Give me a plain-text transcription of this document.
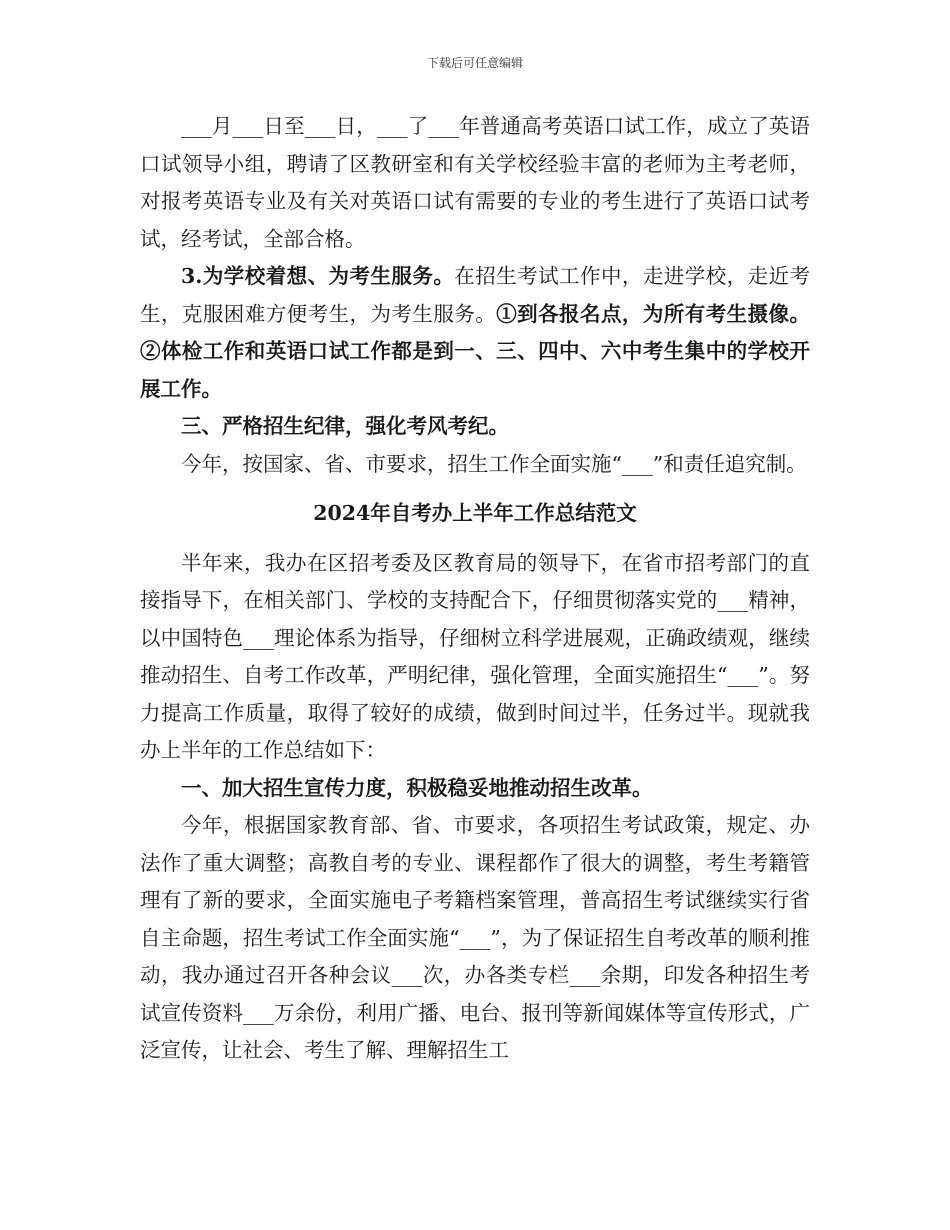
下载后可任意编辑

___月___日至___日，___了___年普通高考英语口试工作，成立了英语口试领导小组，聘请了区教研室和有关学校经验丰富的老师为主考老师，对报考英语专业及有关对英语口试有需要的专业的考生进行了英语口试考试，经考试，全部合格。

3.为学校着想、为考生服务。在招生考试工作中，走进学校，走近考生，克服困难方便考生，为考生服务。①到各报名点，为所有考生摄像。②体检工作和英语口试工作都是到一、三、四中、六中考生集中的学校开展工作。

三、严格招生纪律，强化考风考纪。

今年，按国家、省、市要求，招生工作全面实施“___”和责任追究制。

2024年自考办上半年工作总结范文

半年来，我办在区招考委及区教育局的领导下，在省市招考部门的直接指导下，在相关部门、学校的支持配合下，仔细贯彻落实党的___精神，以中国特色___理论体系为指导，仔细树立科学进展观，正确政绩观，继续推动招生、自考工作改革，严明纪律，强化管理，全面实施招生“___”。努力提高工作质量，取得了较好的成绩，做到时间过半，任务过半。现就我办上半年的工作总结如下：

一、加大招生宣传力度，积极稳妥地推动招生改革。

今年，根据国家教育部、省、市要求，各项招生考试政策，规定、办法作了重大调整；高教自考的专业、课程都作了很大的调整，考生考籍管理有了新的要求，全面实施电子考籍档案管理，普高招生考试继续实行省自主命题，招生考试工作全面实施“___”，为了保证招生自考改革的顺利推动，我办通过召开各种会议___次，办各类专栏___余期，印发各种招生考试宣传资料___万余份，利用广播、电台、报刊等新闻媒体等宣传形式，广泛宣传，让社会、考生了解、理解招生工
